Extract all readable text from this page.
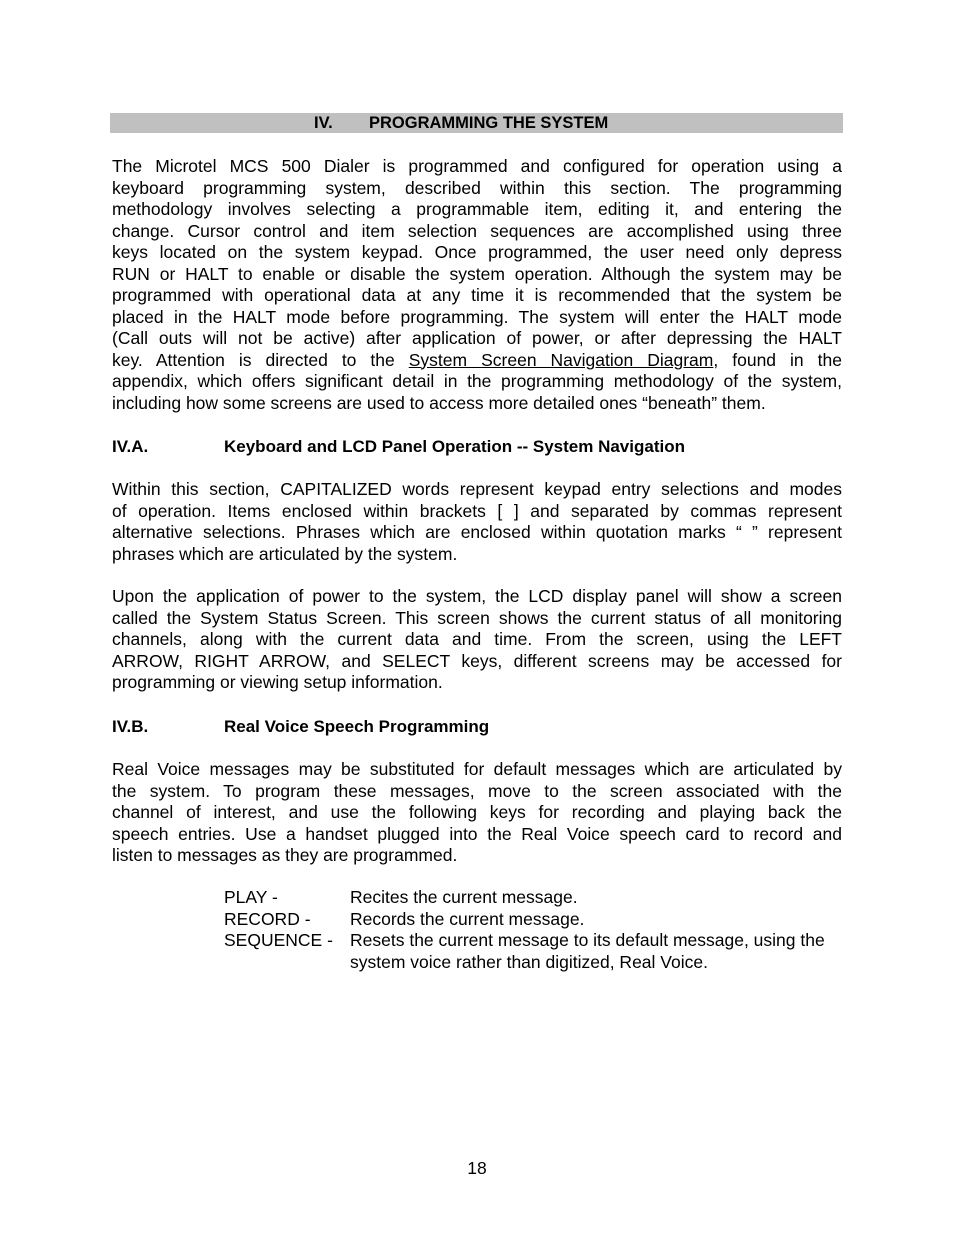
IV. PROGRAMMING THE SYSTEM
The Microtel MCS 500 Dialer is programmed and configured for operation using a
keyboard programming system, described within this section. The programming
methodology involves selecting a programmable item, editing it, and entering the
change. Cursor control and item selection sequences are accomplished using three
keys located on the system keypad. Once programmed, the user need only depress
RUN or HALT to enable or disable the system operation. Although the system may be
programmed with operational data at any time it is recommended that the system be
placed in the HALT mode before programming. The system will enter the HALT mode
(Call outs will not be active) after application of power, or after depressing the HALT
key. Attention is directed to the System Screen Navigation Diagram, found in the
appendix, which offers significant detail in the programming methodology of the system,
including how some screens are used to access more detailed ones “beneath” them.
IV.A.	Keyboard and LCD Panel Operation -- System Navigation
Within this section, CAPITALIZED words represent keypad entry selections and modes
of operation. Items enclosed within brackets [ ] and separated by commas represent
alternative selections. Phrases which are enclosed within quotation marks “ ” represent
phrases which are articulated by the system.
Upon the application of power to the system, the LCD display panel will show a screen
called the System Status Screen. This screen shows the current status of all monitoring
channels, along with the current data and time. From the screen, using the LEFT
ARROW, RIGHT ARROW, and SELECT keys, different screens may be accessed for
programming or viewing setup information.
IV.B.	Real Voice Speech Programming
Real Voice messages may be substituted for default messages which are articulated by
the system. To program these messages, move to the screen associated with the
channel of interest, and use the following keys for recording and playing back the
speech entries. Use a handset plugged into the Real Voice speech card to record and
listen to messages as they are programmed.
PLAY -	Recites the current message.
RECORD - Records the current message.
SEQUENCE - Resets the current message to its default message, using the system voice rather than digitized, Real Voice.
18
